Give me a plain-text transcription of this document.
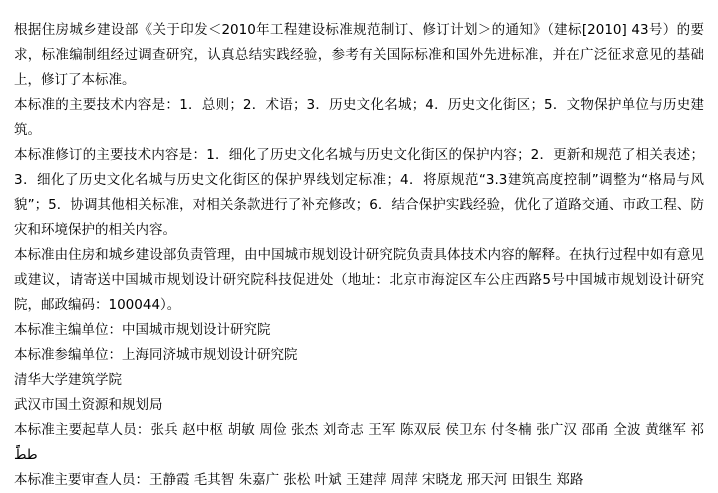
根据住房城乡建设部《关于印发＜2010年工程建设标准规范制订、修订计划＞的通知》（建标[2010] 43号）的要求，标准编制组经过调查研究，认真总结实践经验，参考有关国际标准和国外先进标准，并在广泛征求意见的基础上，修订了本标准。

本标准的主要技术内容是：1．总则；2．术语；3．历史文化名城；4．历史文化街区；5．文物保护单位与历史建筑。

本标准修订的主要技术内容是：1．细化了历史文化名城与历史文化街区的保护内容；2．更新和规范了相关表述；3．细化了历史文化名城与历史文化街区的保护界线划定标准；4．将原规范“3.3建筑高度控制”调整为“格局与风貌”；5．协调其他相关标准，对相关条款进行了补充修改；6．结合保护实践经验，优化了道路交通、市政工程、防灾和环境保护的相关内容。

本标准由住房和城乡建设部负责管理，由中国城市规划设计研究院负责具体技术内容的解释。在执行过程中如有意见或建议，请寄送中国城市规划设计研究院科技促进处（地址：北京市海淀区车公庄西路5号中国城市规划设计研究院，邮政编码：100044）。

本标准主编单位：中国城市规划设计研究院

本标准参编单位：上海同济城市规划设计研究院

清华大学建筑学院

武汉市国土资源和规划局

本标准主要起草人员：张兵 赵中枢 胡敏 周俭 张杰 刘奇志 王军 陈双辰 侯卫东 付冬楠 张广汉 邵甬 全波 黄继军 祁ططًًً

本标准主要审查人员：王静霞 毛其智 朱嘉广 张松 叶斌 王建萍 周萍 宋晓龙 邢天河 田银生 郑路
